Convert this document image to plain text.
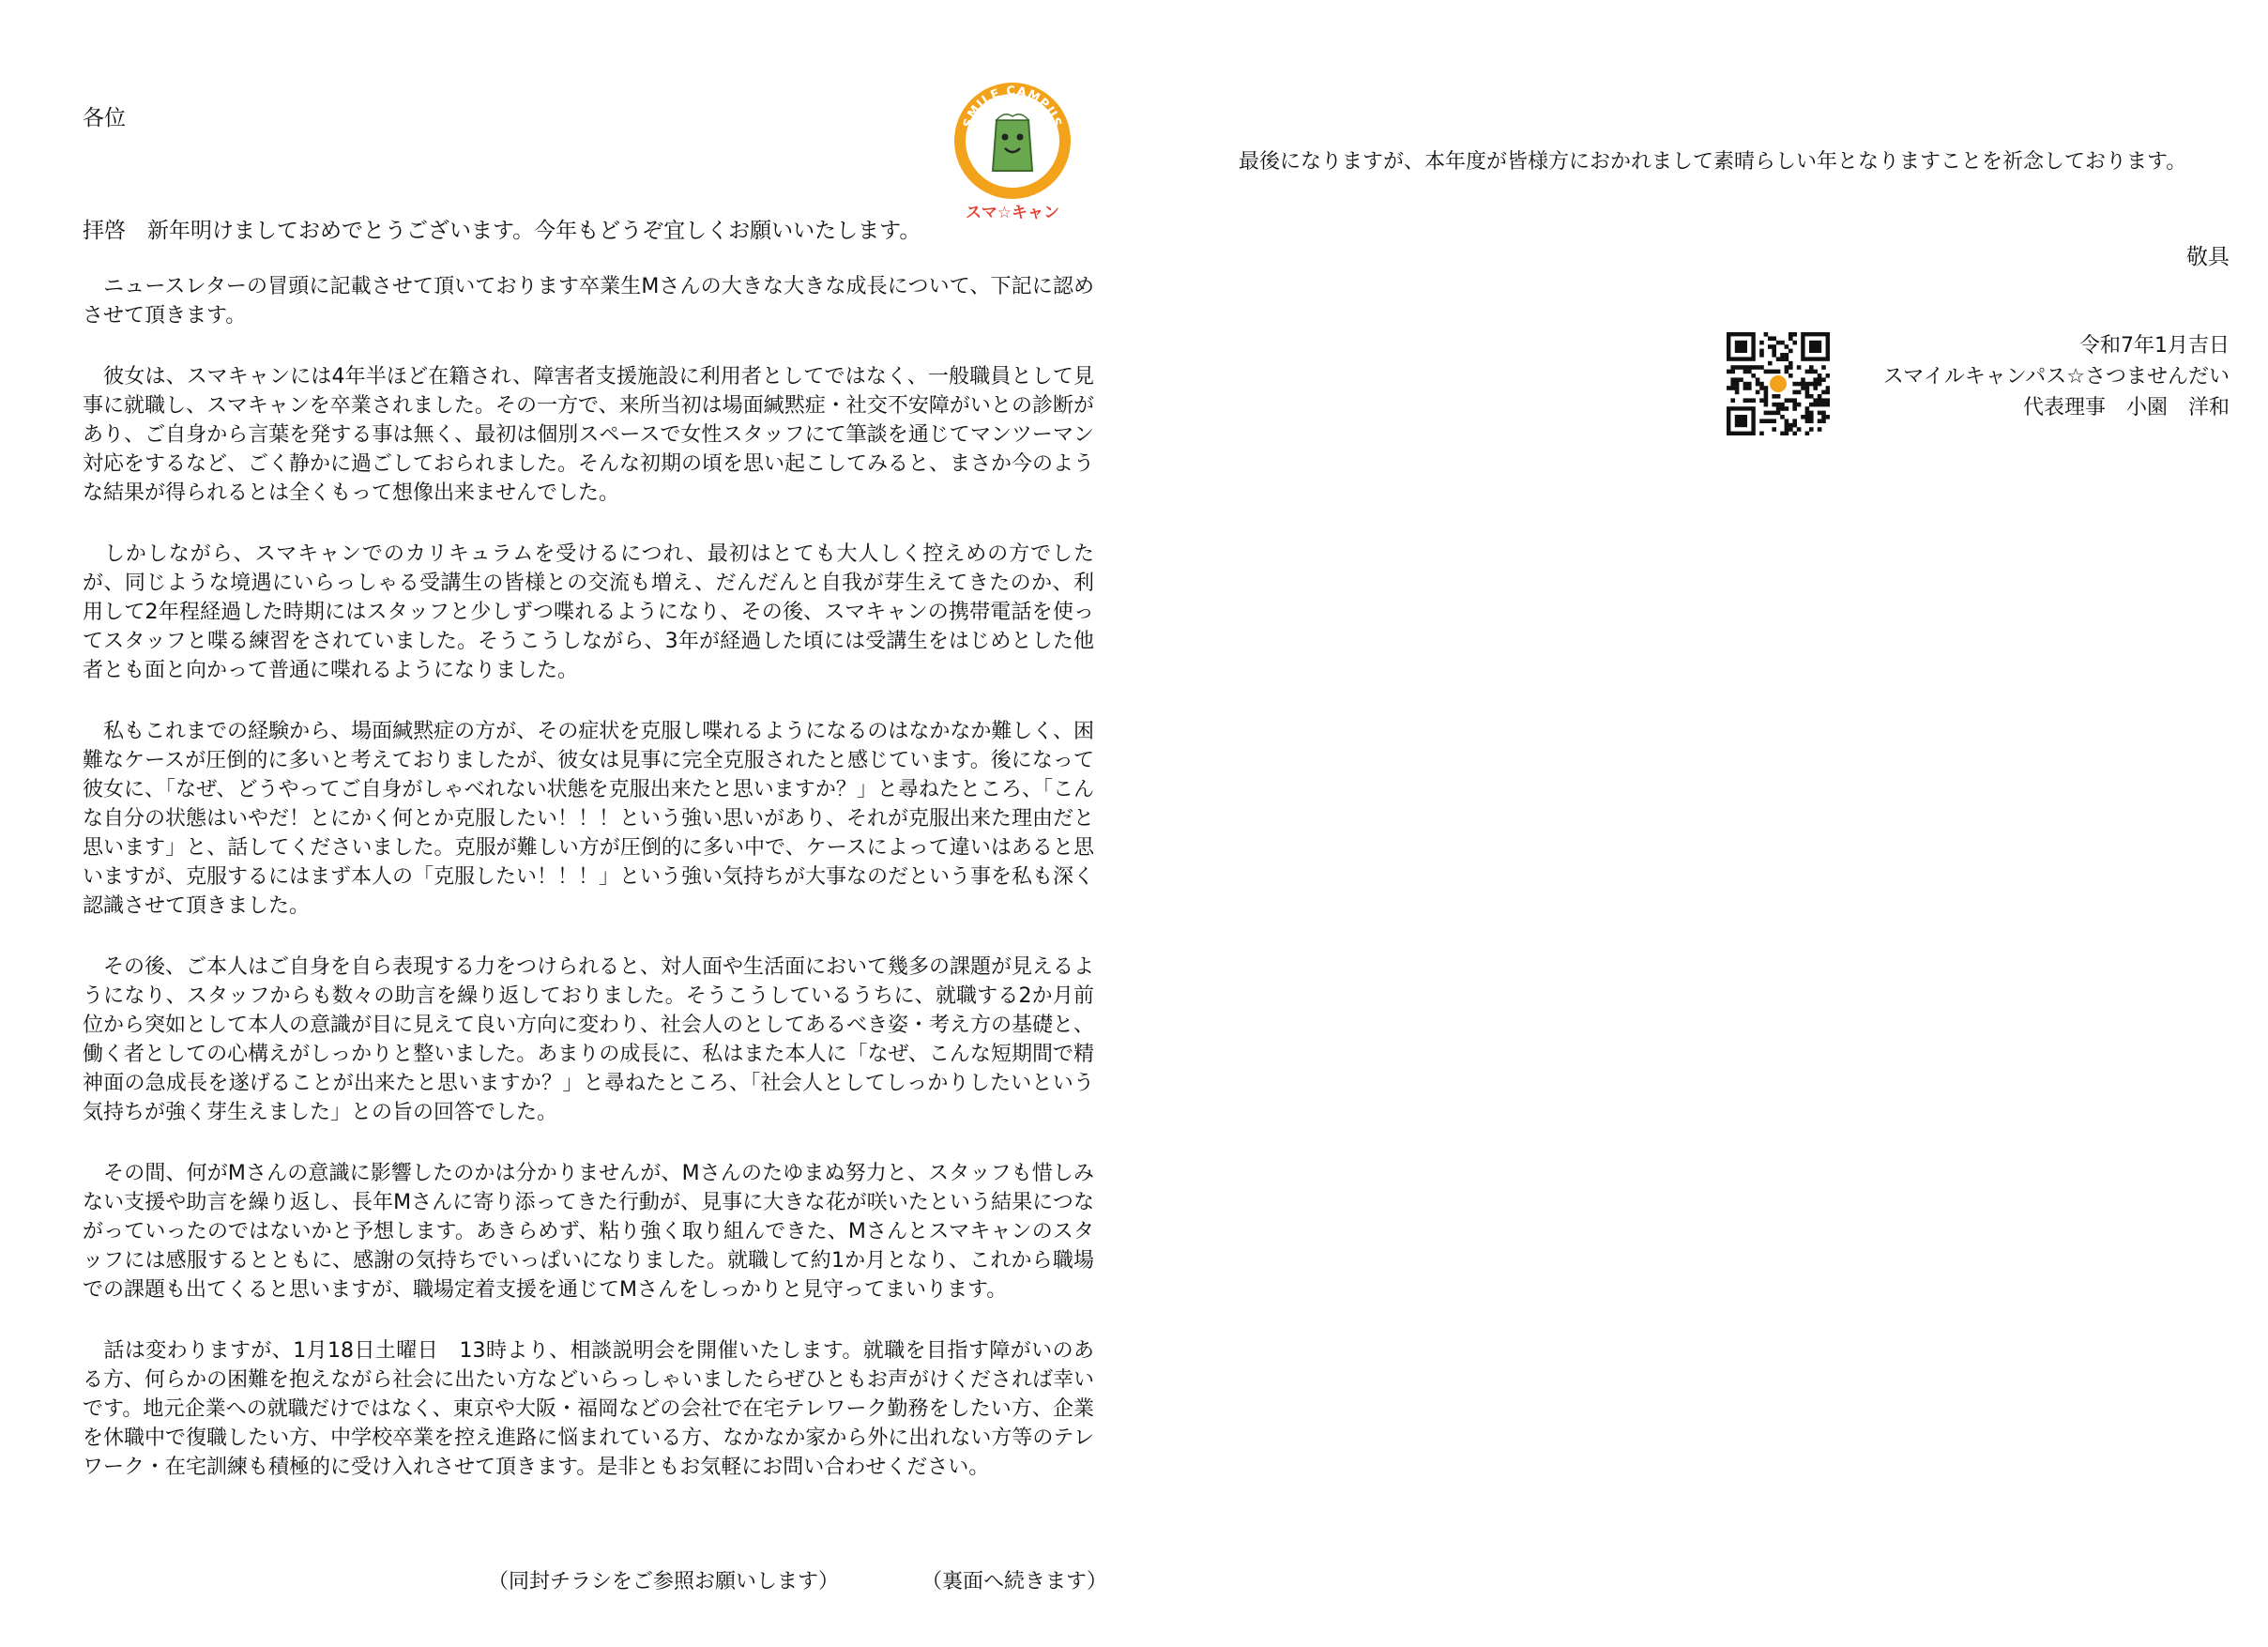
各位

拝啓　新年明けましておめでとうございます。今年もどうぞ宜しくお願いいたします。

　ニュースレターの冒頭に記載させて頂いております卒業生Mさんの大きな大きな成長について、下記に認めさせて頂きます。

　彼女は、スマキャンには4年半ほど在籍され、障害者支援施設に利用者としてではなく、一般職員として見事に就職し、スマキャンを卒業されました。その一方で、来所当初は場面緘黙症・社交不安障がいとの診断があり、ご自身から言葉を発する事は無く、最初は個別スペースで女性スタッフにて筆談を通じてマンツーマン対応をするなど、ごく静かに過ごしておられました。そんな初期の頃を思い起こしてみると、まさか今のような結果が得られるとは全くもって想像出来ませんでした。

　しかしながら、スマキャンでのカリキュラムを受けるにつれ、最初はとても大人しく控えめの方でしたが、同じような境遇にいらっしゃる受講生の皆様との交流も増え、だんだんと自我が芽生えてきたのか、利用して2年程経過した時期にはスタッフと少しずつ喋れるようになり、その後、スマキャンの携帯電話を使ってスタッフと喋る練習をされていました。そうこうしながら、3年が経過した頃には受講生をはじめとした他者とも面と向かって普通に喋れるようになりました。

　私もこれまでの経験から、場面緘黙症の方が、その症状を克服し喋れるようになるのはなかなか難しく、困難なケースが圧倒的に多いと考えておりましたが、彼女は見事に完全克服されたと感じています。後になって彼女に、「なぜ、どうやってご自身がしゃべれない状態を克服出来たと思いますか？」と尋ねたところ、「こんな自分の状態はいやだ！とにかく何とか克服したい！！！という強い思いがあり、それが克服出来た理由だと思います」と、話してくださいました。克服が難しい方が圧倒的に多い中で、ケースによって違いはあると思いますが、克服するにはまず本人の「克服したい！！！」という強い気持ちが大事なのだという事を私も深く認識させて頂きました。

　その後、ご本人はご自身を自ら表現する力をつけられると、対人面や生活面において幾多の課題が見えるようになり、スタッフからも数々の助言を繰り返しておりました。そうこうしているうちに、就職する2か月前位から突如として本人の意識が目に見えて良い方向に変わり、社会人のとしてあるべき姿・考え方の基礎と、働く者としての心構えがしっかりと整いました。あまりの成長に、私はまた本人に「なぜ、こんな短期間で精神面の急成長を遂げることが出来たと思いますか？」と尋ねたところ、「社会人としてしっかりしたいという気持ちが強く芽生えました」との旨の回答でした。

　その間、何がMさんの意識に影響したのかは分かりませんが、Mさんのたゆまぬ努力と、スタッフも惜しみない支援や助言を繰り返し、長年Mさんに寄り添ってきた行動が、見事に大きな花が咲いたという結果につながっていったのではないかと予想します。あきらめず、粘り強く取り組んできた、Mさんとスマキャンのスタッフには感服するとともに、感謝の気持ちでいっぱいになりました。就職して約1か月となり、これから職場での課題も出てくると思いますが、職場定着支援を通じてMさんをしっかりと見守ってまいります。

　話は変わりますが、1月18日土曜日　13時より、相談説明会を開催いたします。就職を目指す障がいのある方、何らかの困難を抱えながら社会に出たい方などいらっしゃいましたらぜひともお声がけくだされば幸いです。地元企業への就職だけではなく、東京や大阪・福岡などの会社で在宅テレワーク勤務をしたい方、企業を休職中で復職したい方、中学校卒業を控え進路に悩まれている方、なかなか家から外に出れない方等のテレワーク・在宅訓練も積極的に受け入れさせて頂きます。是非ともお気軽にお問い合わせください。

（同封チラシをご参照お願いします）	（裏面へ続きます）
SMILE CAMPUS
SATSUMASENDAI
スマ☆キャン

最後になりますが、本年度が皆様方におかれまして素晴らしい年となりますことを祈念しております。

敬具

令和7年1月吉日
スマイルキャンパス☆さつませんだい
代表理事　小園　洋和
